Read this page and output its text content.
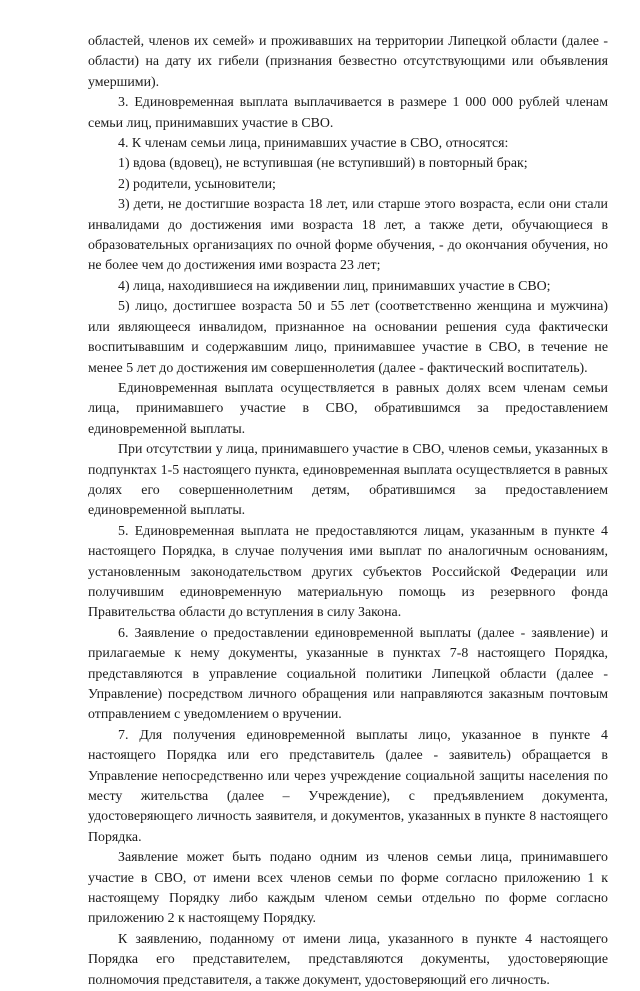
областей, членов их семей» и проживавших на территории Липецкой области (далее - области) на дату их гибели (признания безвестно отсутствующими или объявления умершими).

3. Единовременная выплата выплачивается в размере 1 000 000 рублей членам семьи лиц, принимавших участие в СВО.

4. К членам семьи лица, принимавших участие в СВО, относятся:

1) вдова (вдовец), не вступившая (не вступивший) в повторный брак;

2) родители, усыновители;

3) дети, не достигшие возраста 18 лет, или старше этого возраста, если они стали инвалидами до достижения ими возраста 18 лет, а также дети, обучающиеся в образовательных организациях по очной форме обучения, - до окончания обучения, но не более чем до достижения ими возраста 23 лет;

4) лица, находившиеся на иждивении лиц, принимавших участие в СВО;

5) лицо, достигшее возраста 50 и 55 лет (соответственно женщина и мужчина) или являющееся инвалидом, признанное на основании решения суда фактически воспитывавшим и содержавшим лицо, принимавшее участие в СВО, в течение не менее 5 лет до достижения им совершеннолетия (далее - фактический воспитатель).

Единовременная выплата осуществляется в равных долях всем членам семьи лица, принимавшего участие в СВО, обратившимся за предоставлением единовременной выплаты.

При отсутствии у лица, принимавшего участие в СВО, членов семьи, указанных в подпунктах 1-5 настоящего пункта, единовременная выплата осуществляется в равных долях его совершеннолетним детям, обратившимся за предоставлением единовременной выплаты.

5. Единовременная выплата не предоставляются лицам, указанным в пункте 4 настоящего Порядка, в случае получения ими выплат по аналогичным основаниям, установленным законодательством других субъектов Российской Федерации или получившим единовременную материальную помощь из резервного фонда Правительства области до вступления в силу Закона.

6. Заявление о предоставлении единовременной выплаты (далее - заявление) и прилагаемые к нему документы, указанные в пунктах 7-8 настоящего Порядка, представляются в управление социальной политики Липецкой области (далее - Управление) посредством личного обращения или направляются заказным почтовым отправлением с уведомлением о вручении.

7. Для получения единовременной выплаты лицо, указанное в пункте 4 настоящего Порядка или его представитель (далее - заявитель) обращается в Управление непосредственно или через учреждение социальной защиты населения по месту жительства (далее – Учреждение), с предъявлением документа, удостоверяющего личность заявителя, и документов, указанных в пункте 8 настоящего Порядка.

Заявление может быть подано одним из членов семьи лица, принимавшего участие в СВО, от имени всех членов семьи по форме согласно приложению 1 к настоящему Порядку либо каждым членом семьи отдельно по форме согласно приложению 2 к настоящему Порядку.

К заявлению, поданному от имени лица, указанного в пункте 4 настоящего Порядка его представителем, представляются документы, удостоверяющие полномочия представителя, а также документ, удостоверяющий его личность.
